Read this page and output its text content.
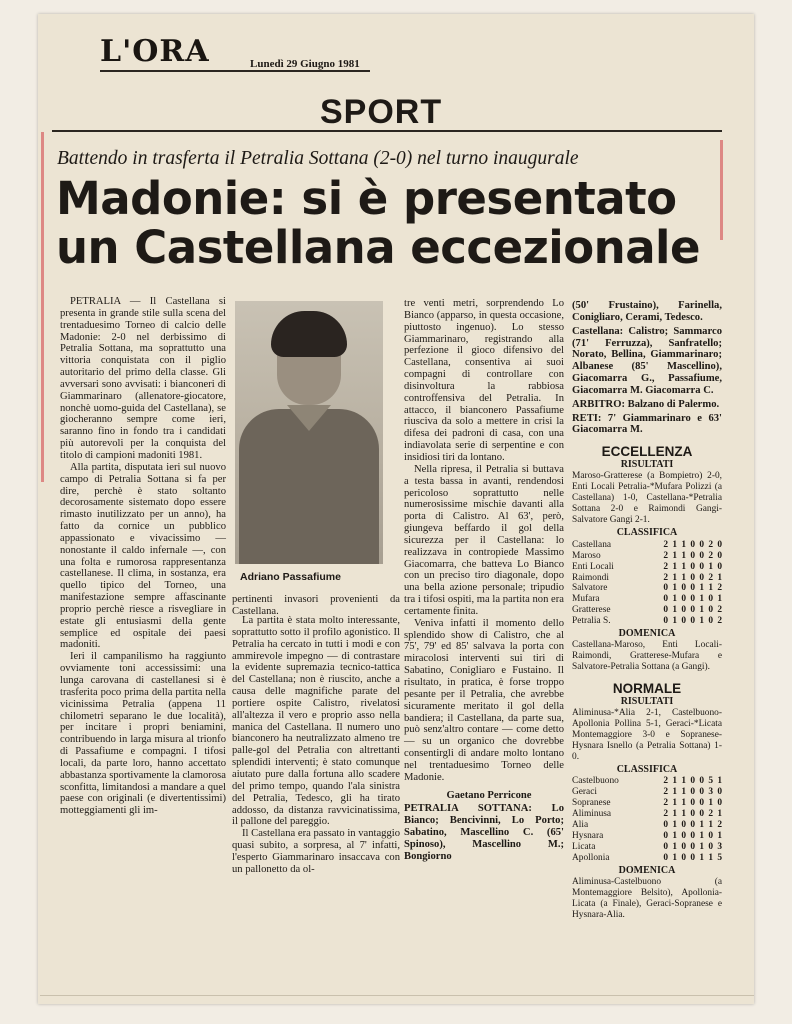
L'ORA	Lunedì 29 Giugno 1981
SPORT
Battendo in trasferta il Petralia Sottana (2-0) nel turno inaugurale
Madonie: si è presentato
un Castellana eccezionale

PETRALIA — Il Castellana si presenta in grande stile sulla scena del trentaduesimo Torneo di calcio delle Madonie: 2-0 nel derbissimo di Petralia Sottana, ma soprattutto una vittoria conquistata con il piglio autoritario del primo della classe. Gli avversari sono avvisati: i bianconeri di Giammarinaro (allenatore-giocatore, nonchè uomo-guida del Castellana), se giocheranno sempre come ieri, saranno fino in fondo tra i candidati più autorevoli per la conquista del titolo di campioni madoniti 1981.

Alla partita, disputata ieri sul nuovo campo di Petralia Sottana si fa per dire, perchè è stato soltanto decorosamente sistemato dopo essere rimasto inutilizzato per un anno), ha fatto da cornice un pubblico appassionato e vivacissimo — nonostante il caldo infernale —, con una folta e rumorosa rappresentanza castellanese. Il clima, in sostanza, era quello tipico del Torneo, una manifestazione sempre affascinante proprio perchè riesce a risvegliare in estate gli entusiasmi della gente semplice ed ospitale dei paesi madoniti.

Ieri il campanilismo ha raggiunto ovviamente toni accessissimi: una lunga carovana di castellanesi si è trasferita poco prima della partita nella vicinissima Petralia (appena 11 chilometri separano le due località), per incitare i propri beniamini, contribuendo in larga misura al trionfo di Passafiume e compagni. I tifosi locali, da parte loro, hanno accettato abbastanza sportivamente la clamorosa sconfitta, limitandosi a mandare a quel paese con originali (e divertentissimi) motteggiamenti gli im-

Adriano Passafiume

pertinenti invasori provenienti da Castellana.

La partita è stata molto interessante, soprattutto sotto il profilo agonistico. Il Petralia ha cercato in tutti i modi e con ammirevole impegno — di contrastare la evidente supremazia tecnico-tattica del Castellana; non è riuscito, anche a causa delle magnifiche parate del portiere ospite Calistro, rivelatosi all'altezza il vero e proprio asso nella manica del Castellana. Il numero uno bianconero ha neutralizzato almeno tre palle-gol del Petralia con altrettanti splendidi interventi; è stato comunque aiutato pure dalla fortuna allo scadere del primo tempo, quando l'ala sinistra del Petralia, Tedesco, gli ha tirato addosso, da distanza ravvicinatissima, il pallone del pareggio.

Il Castellana era passato in vantaggio quasi subito, a sorpresa, al 7' infatti, l'esperto Giammarinaro insaccava con un pallonetto da ol-

tre venti metri, sorprendendo Lo Bianco (apparso, in questa occasione, piuttosto ingenuo). Lo stesso Giammarinaro, registrando alla perfezione il gioco difensivo del Castellana, consentiva ai suoi compagni di controllare con disinvoltura la rabbiosa controffensiva del Petralia. In attacco, il bianconero Passafiume riusciva da solo a mettere in crisi la difesa dei padroni di casa, con una indiavolata serie di serpentine e con insidiosi tiri da lontano.

Nella ripresa, il Petralia si buttava a testa bassa in avanti, rendendosi pericoloso soprattutto nelle numerosissime mischie davanti alla porta di Calistro. Al 63', però, giungeva beffardo il gol della sicurezza per il Castellana: lo realizzava in contropiede Massimo Giacomarra, che batteva Lo Bianco con un preciso tiro diagonale, dopo una bella azione personale; tripudio tra i tifosi ospiti, ma la partita non era certamente finita.

Veniva infatti il momento dello splendido show di Calistro, che al 75', 79' ed 85' salvava la porta con miracolosi interventi sui tiri di Sabatino, Conigliaro e Fustaino. Il risultato, in pratica, è forse troppo pesante per il Petralia, che avrebbe sicuramente meritato il gol della bandiera; il Castellana, da parte sua, può senz'altro contare — come detto — su un organico che dovrebbe consentirgli di andare molto lontano nel trentaduesimo Torneo delle Madonie.

Gaetano Perricone

PETRALIA SOTTANA: Lo Bianco; Bencivinni, Lo Porto; Sabatino, Mascellino C. (65' Spinoso), Mascellino M.; Bongiorno

(50' Frustaino), Farinella, Conigliaro, Cerami, Tedesco.

Castellana: Calistro; Sammarco (71' Ferruzza), Sanfratello; Norato, Bellina, Giammarinaro; Albanese (85' Mascellino), Giacomarra G., Passafiume, Giacomarra M. Giacomarra C.

ARBITRO: Balzano di Palermo.

RETI: 7' Giammarinaro e 63' Giacomarra M.

ECCELLENZA
RISULTATI

Maroso-Gratterese (a Bompietro) 2-0, Enti Locali Petralia-*Mufara Polizzi (a Castellana) 1-0, Castellana-*Petralia Sottana 2-0 e Raimondi Gangi-Salvatore Gangi 2-1.

CLASSIFICA
Castellana	2	1	1	0	0	2	0
Maroso	2	1	1	0	0	2	0
Enti Locali	2	1	1	0	0	1	0
Raimondi	2	1	1	0	0	2	1
Salvatore	0	1	0	0	1	1	2
Mufara	0	1	0	0	1	0	1
Gratterese	0	1	0	0	1	0	2
Petralia S.	0	1	0	0	1	0	2
DOMENICA

Castellana-Maroso, Enti Locali-Raimondi, Gratterese-Mufara e Salvatore-Petralia Sottana (a Gangi).

NORMALE
RISULTATI

Aliminusa-*Alia 2-1, Castelbuono-Apollonia Pollina 5-1, Geraci-*Licata Montemaggiore 3-0 e Sopranese-Hysnara Isnello (a Petralia Sottana) 1-0.

CLASSIFICA
Castelbuono	2	1	1	0	0	5	1
Geraci	2	1	1	0	0	3	0
Sopranese	2	1	1	0	0	1	0
Aliminusa	2	1	1	0	0	2	1
Alia	0	1	0	0	1	1	2
Hysnara	0	1	0	0	1	0	1
Licata	0	1	0	0	1	0	3
Apollonia	0	1	0	0	1	1	5
DOMENICA

Aliminusa-Castelbuono (a Montemaggiore Belsito), Apollonia-Licata (a Finale), Geraci-Sopranese e Hysnara-Alia.
